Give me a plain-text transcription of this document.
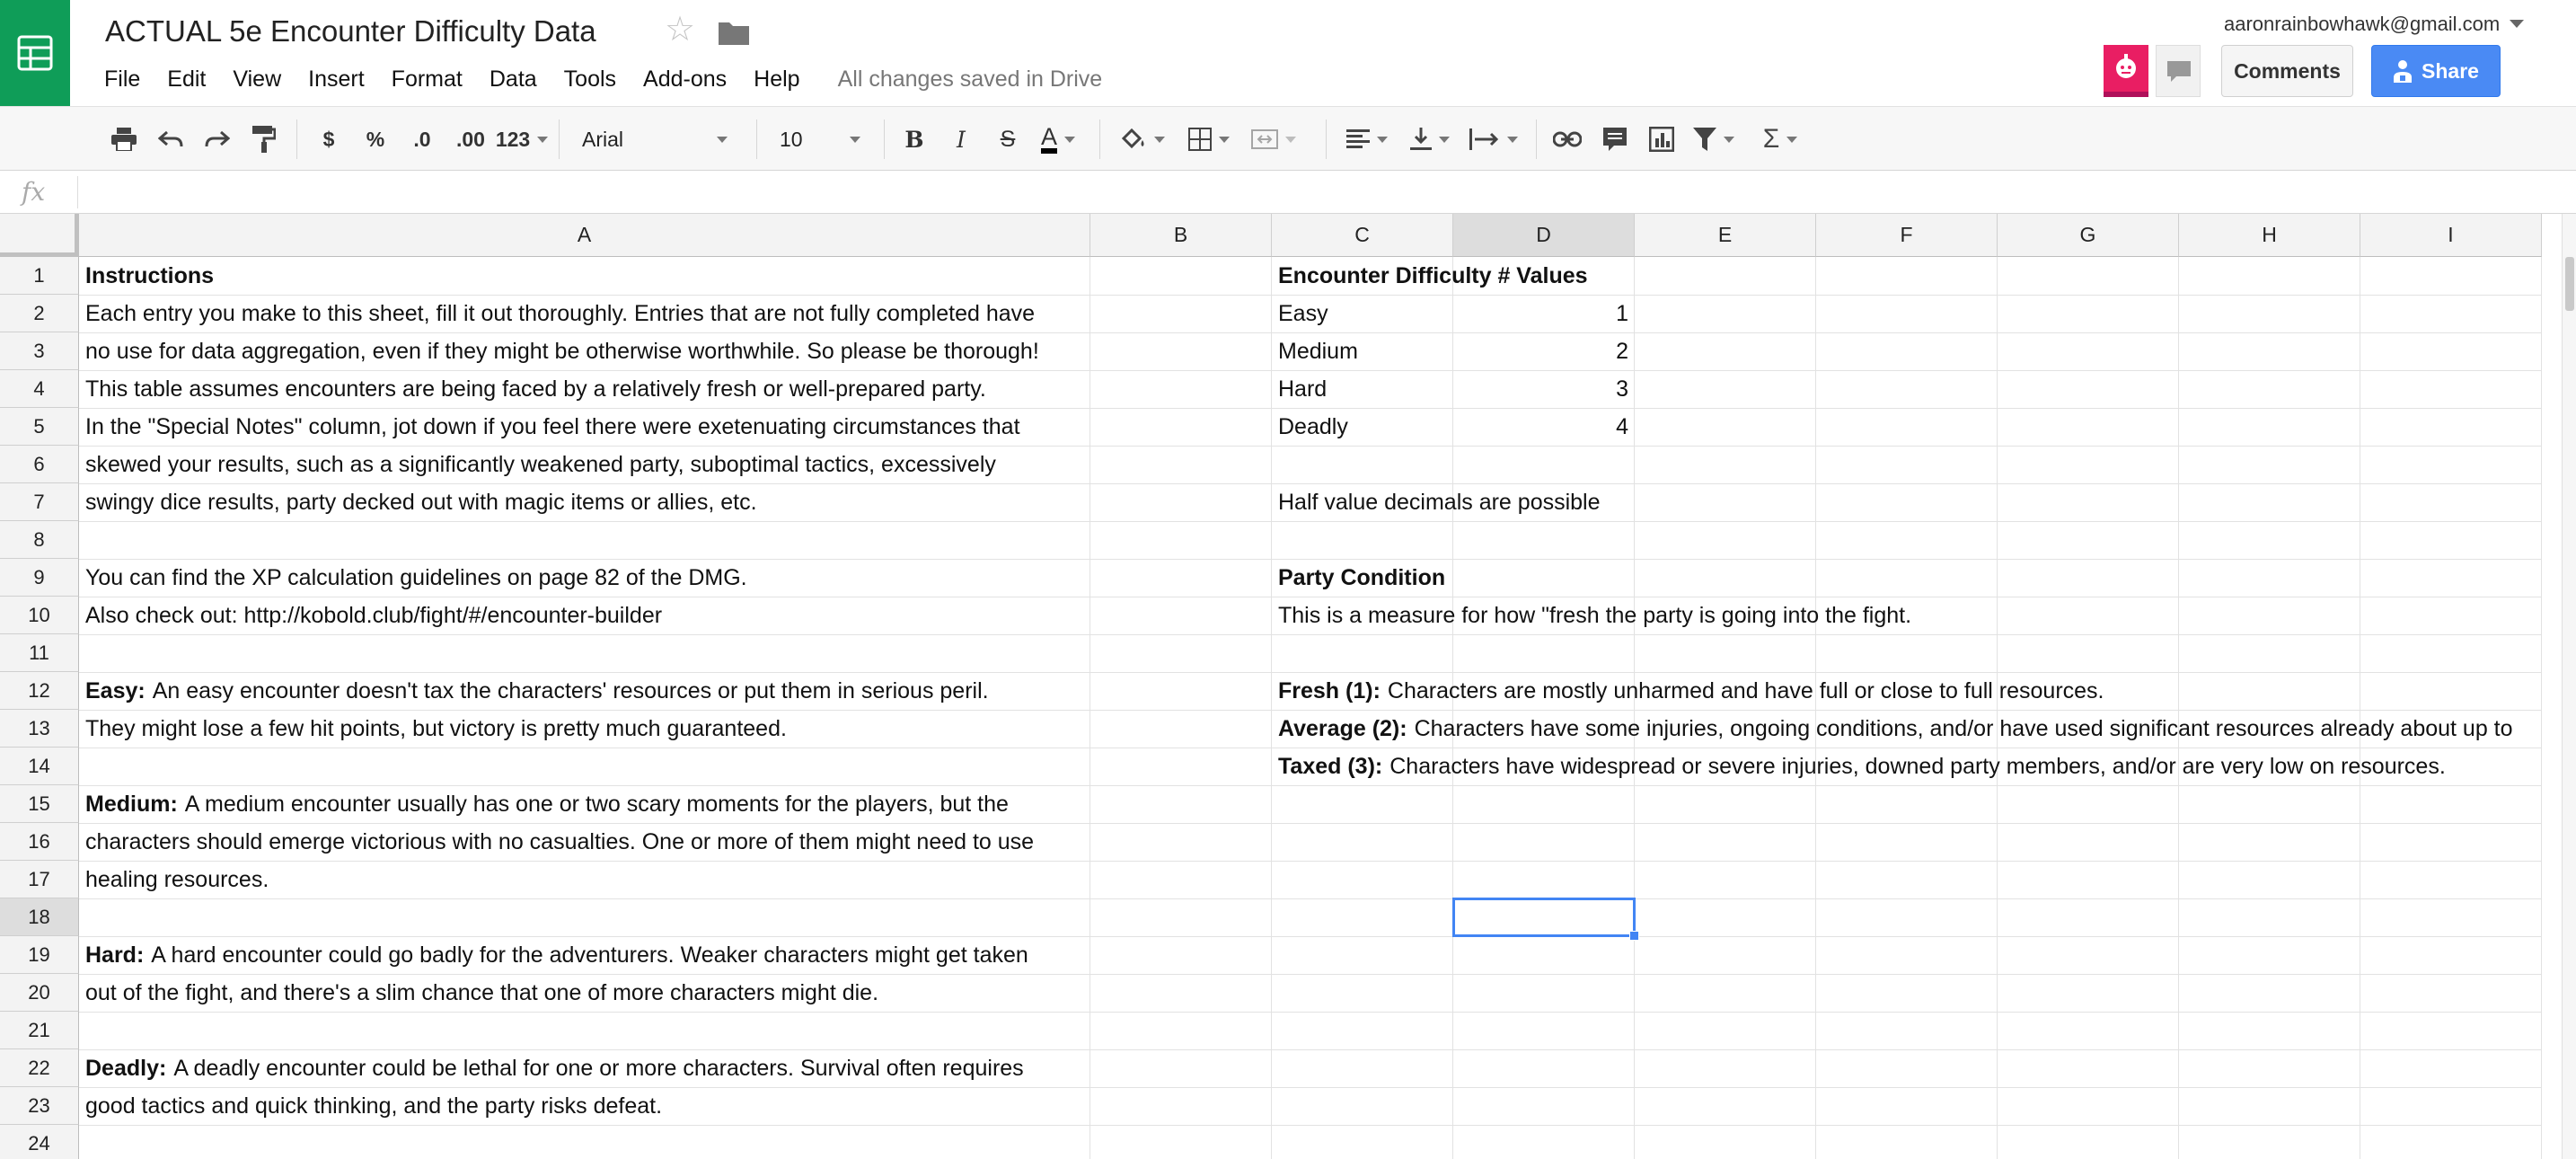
ACTUAL 5e Encounter Difficulty Data ☆
File Edit View Insert Format Data Tools Add-ons Help All changes saved in Drive
aaronrainbowhawk@gmail.com
Comments	Share
$	%	.0	.00 123	Arial	10	B	I	S	A	Σ
fx
A	B	C	D	E	F	G	H	I
1
2
3
4
5
6
7
8
9
10
11
12
13
14
15
16
17
18
19
20
21
22
23
24
Instructions
Each entry you make to this sheet, fill it out thoroughly. Entries that are not fully completed have
no use for data aggregation, even if they might be otherwise worthwhile. So please be thorough!
This table assumes encounters are being faced by a relatively fresh or well-prepared party.
In the "Special Notes" column, jot down if you feel there were exetenuating circumstances that
skewed your results, such as a significantly weakened party, suboptimal tactics, excessively
swingy dice results, party decked out with magic items or allies, etc.
You can find the XP calculation guidelines on page 82 of the DMG.
Also check out: http://kobold.club/fight/#/encounter-builder
Easy: An easy encounter doesn't tax the characters' resources or put them in serious peril.
They might lose a few hit points, but victory is pretty much guaranteed.
Medium: A medium encounter usually has one or two scary moments for the players, but the
characters should emerge victorious with no casualties. One or more of them might need to use
healing resources.
Hard: A hard encounter could go badly for the adventurers. Weaker characters might get taken
out of the fight, and there's a slim chance that one of more characters might die.
Deadly: A deadly encounter could be lethal for one or more characters. Survival often requires
good tactics and quick thinking, and the party risks defeat.
Encounter Difficulty # Values
Easy	1
Medium	2
Hard	3
Deadly	4
Half value decimals are possible
Party Condition
This is a measure for how "fresh the party is going into the fight.
Fresh (1): Characters are mostly unharmed and have full or close to full resources.
Average (2): Characters have some injuries, ongoing conditions, and/or have used significant resources already about up to
Taxed (3): Characters have widespread or severe injuries, downed party members, and/or are very low on resources.
